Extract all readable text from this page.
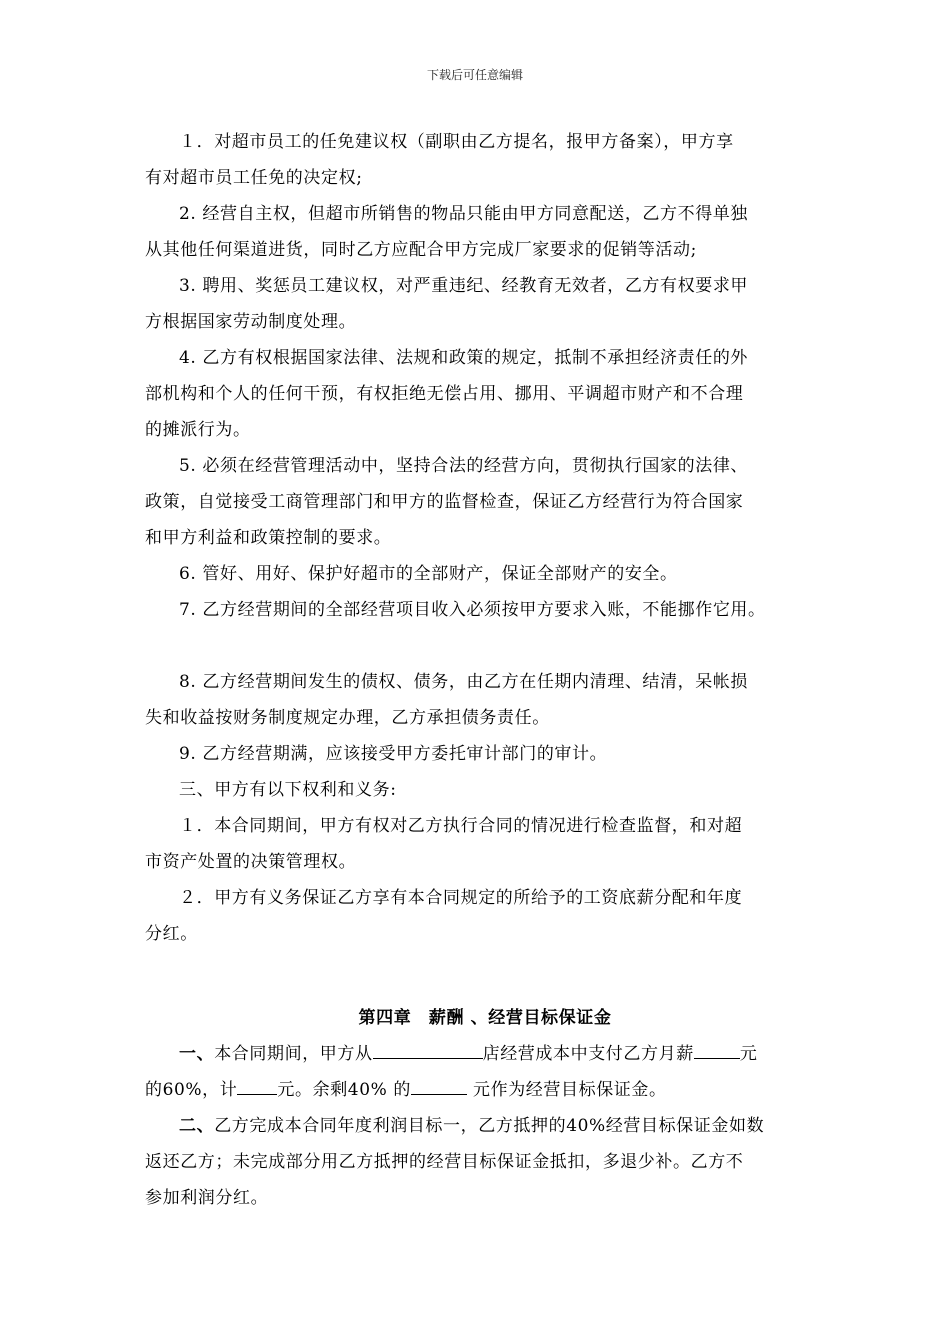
下载后可任意编辑

１．对超市员工的任免建议权（副职由乙方提名，报甲方备案），甲方享
有对超市员工任免的决定权;

2. 经营自主权，但超市所销售的物品只能由甲方同意配送，乙方不得单独
从其他任何渠道进货，同时乙方应配合甲方完成厂家要求的促销等活动;

3. 聘用、奖惩员工建议权，对严重违纪、经教育无效者，乙方有权要求甲
方根据国家劳动制度处理。

4. 乙方有权根据国家法律、法规和政策的规定，抵制不承担经济责任的外
部机构和个人的任何干预，有权拒绝无偿占用、挪用、平调超市财产和不合理
的摊派行为。

5. 必须在经营管理活动中，坚持合法的经营方向，贯彻执行国家的法律、
政策，自觉接受工商管理部门和甲方的监督检查，保证乙方经营行为符合国家
和甲方利益和政策控制的要求。

6. 管好、用好、保护好超市的全部财产，保证全部财产的安全。

7. 乙方经营期间的全部经营项目收入必须按甲方要求入账，不能挪作它用。

8. 乙方经营期间发生的债权、债务，由乙方在任期内清理、结清，呆帐损
失和收益按财务制度规定办理，乙方承担债务责任。

9. 乙方经营期满，应该接受甲方委托审计部门的审计。

三、甲方有以下权利和义务:

１．本合同期间，甲方有权对乙方执行合同的情况进行检查监督，和对超
市资产处置的决策管理权。

２．甲方有义务保证乙方享有本合同规定的所给予的工资底薪分配和年度
分红。

第四章　薪酬 、经营目标保证金

一、本合同期间，甲方从	店经营成本中支付乙方月薪	元
的60%，计 元。余剩40% 的	元作为经营目标保证金。

二、乙方完成本合同年度利润目标一，乙方抵押的40%经营目标保证金如数
返还乙方；未完成部分用乙方抵押的经营目标保证金抵扣，多退少补。乙方不
参加利润分红。
